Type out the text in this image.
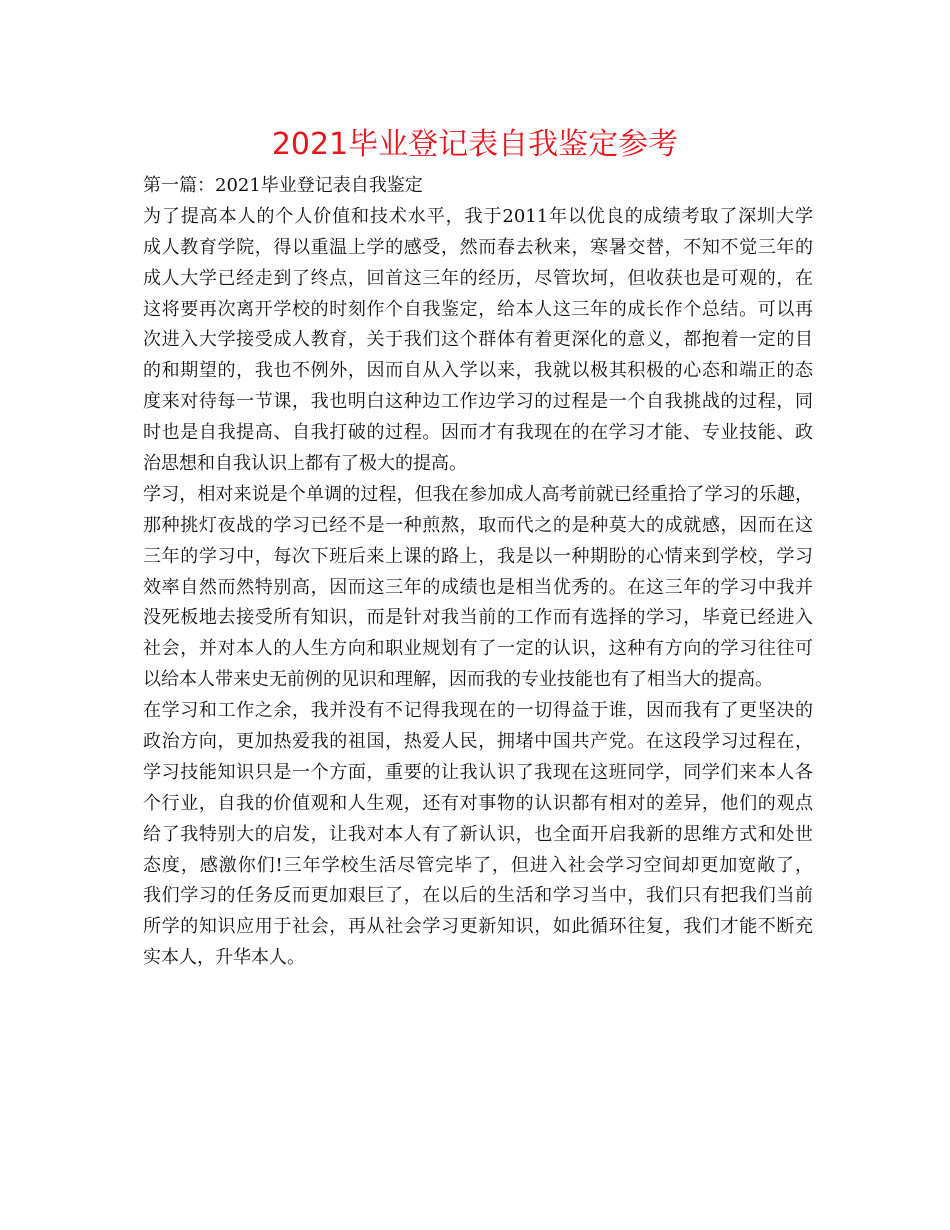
2021毕业登记表自我鉴定参考
第一篇：2021毕业登记表自我鉴定
为了提高本人的个人价值和技术水平，我于2011年以优良的成绩考取了深圳大学
成人教育学院，得以重温上学的感受，然而春去秋来，寒暑交替，不知不觉三年的
成人大学已经走到了终点，回首这三年的经历，尽管坎坷，但收获也是可观的，在
这将要再次离开学校的时刻作个自我鉴定，给本人这三年的成长作个总结。可以再
次进入大学接受成人教育，关于我们这个群体有着更深化的意义，都抱着一定的目
的和期望的，我也不例外，因而自从入学以来，我就以极其积极的心态和端正的态
度来对待每一节课，我也明白这种边工作边学习的过程是一个自我挑战的过程，同
时也是自我提高、自我打破的过程。因而才有我现在的在学习才能、专业技能、政
治思想和自我认识上都有了极大的提高。
学习，相对来说是个单调的过程，但我在参加成人高考前就已经重拾了学习的乐趣，
那种挑灯夜战的学习已经不是一种煎熬，取而代之的是种莫大的成就感，因而在这
三年的学习中，每次下班后来上课的路上，我是以一种期盼的心情来到学校，学习
效率自然而然特别高，因而这三年的成绩也是相当优秀的。在这三年的学习中我并
没死板地去接受所有知识，而是针对我当前的工作而有选择的学习，毕竟已经进入
社会，并对本人的人生方向和职业规划有了一定的认识，这种有方向的学习往往可
以给本人带来史无前例的见识和理解，因而我的专业技能也有了相当大的提高。
在学习和工作之余，我并没有不记得我现在的一切得益于谁，因而我有了更坚决的
政治方向，更加热爱我的祖国，热爱人民，拥堵中国共产党。在这段学习过程在，
学习技能知识只是一个方面，重要的让我认识了我现在这班同学，同学们来本人各
个行业，自我的价值观和人生观，还有对事物的认识都有相对的差异，他们的观点
给了我特别大的启发，让我对本人有了新认识，也全面开启我新的思维方式和处世
态度，感激你们!三年学校生活尽管完毕了，但进入社会学习空间却更加宽敞了，
我们学习的任务反而更加艰巨了，在以后的生活和学习当中，我们只有把我们当前
所学的知识应用于社会，再从社会学习更新知识，如此循环往复，我们才能不断充
实本人，升华本人。
